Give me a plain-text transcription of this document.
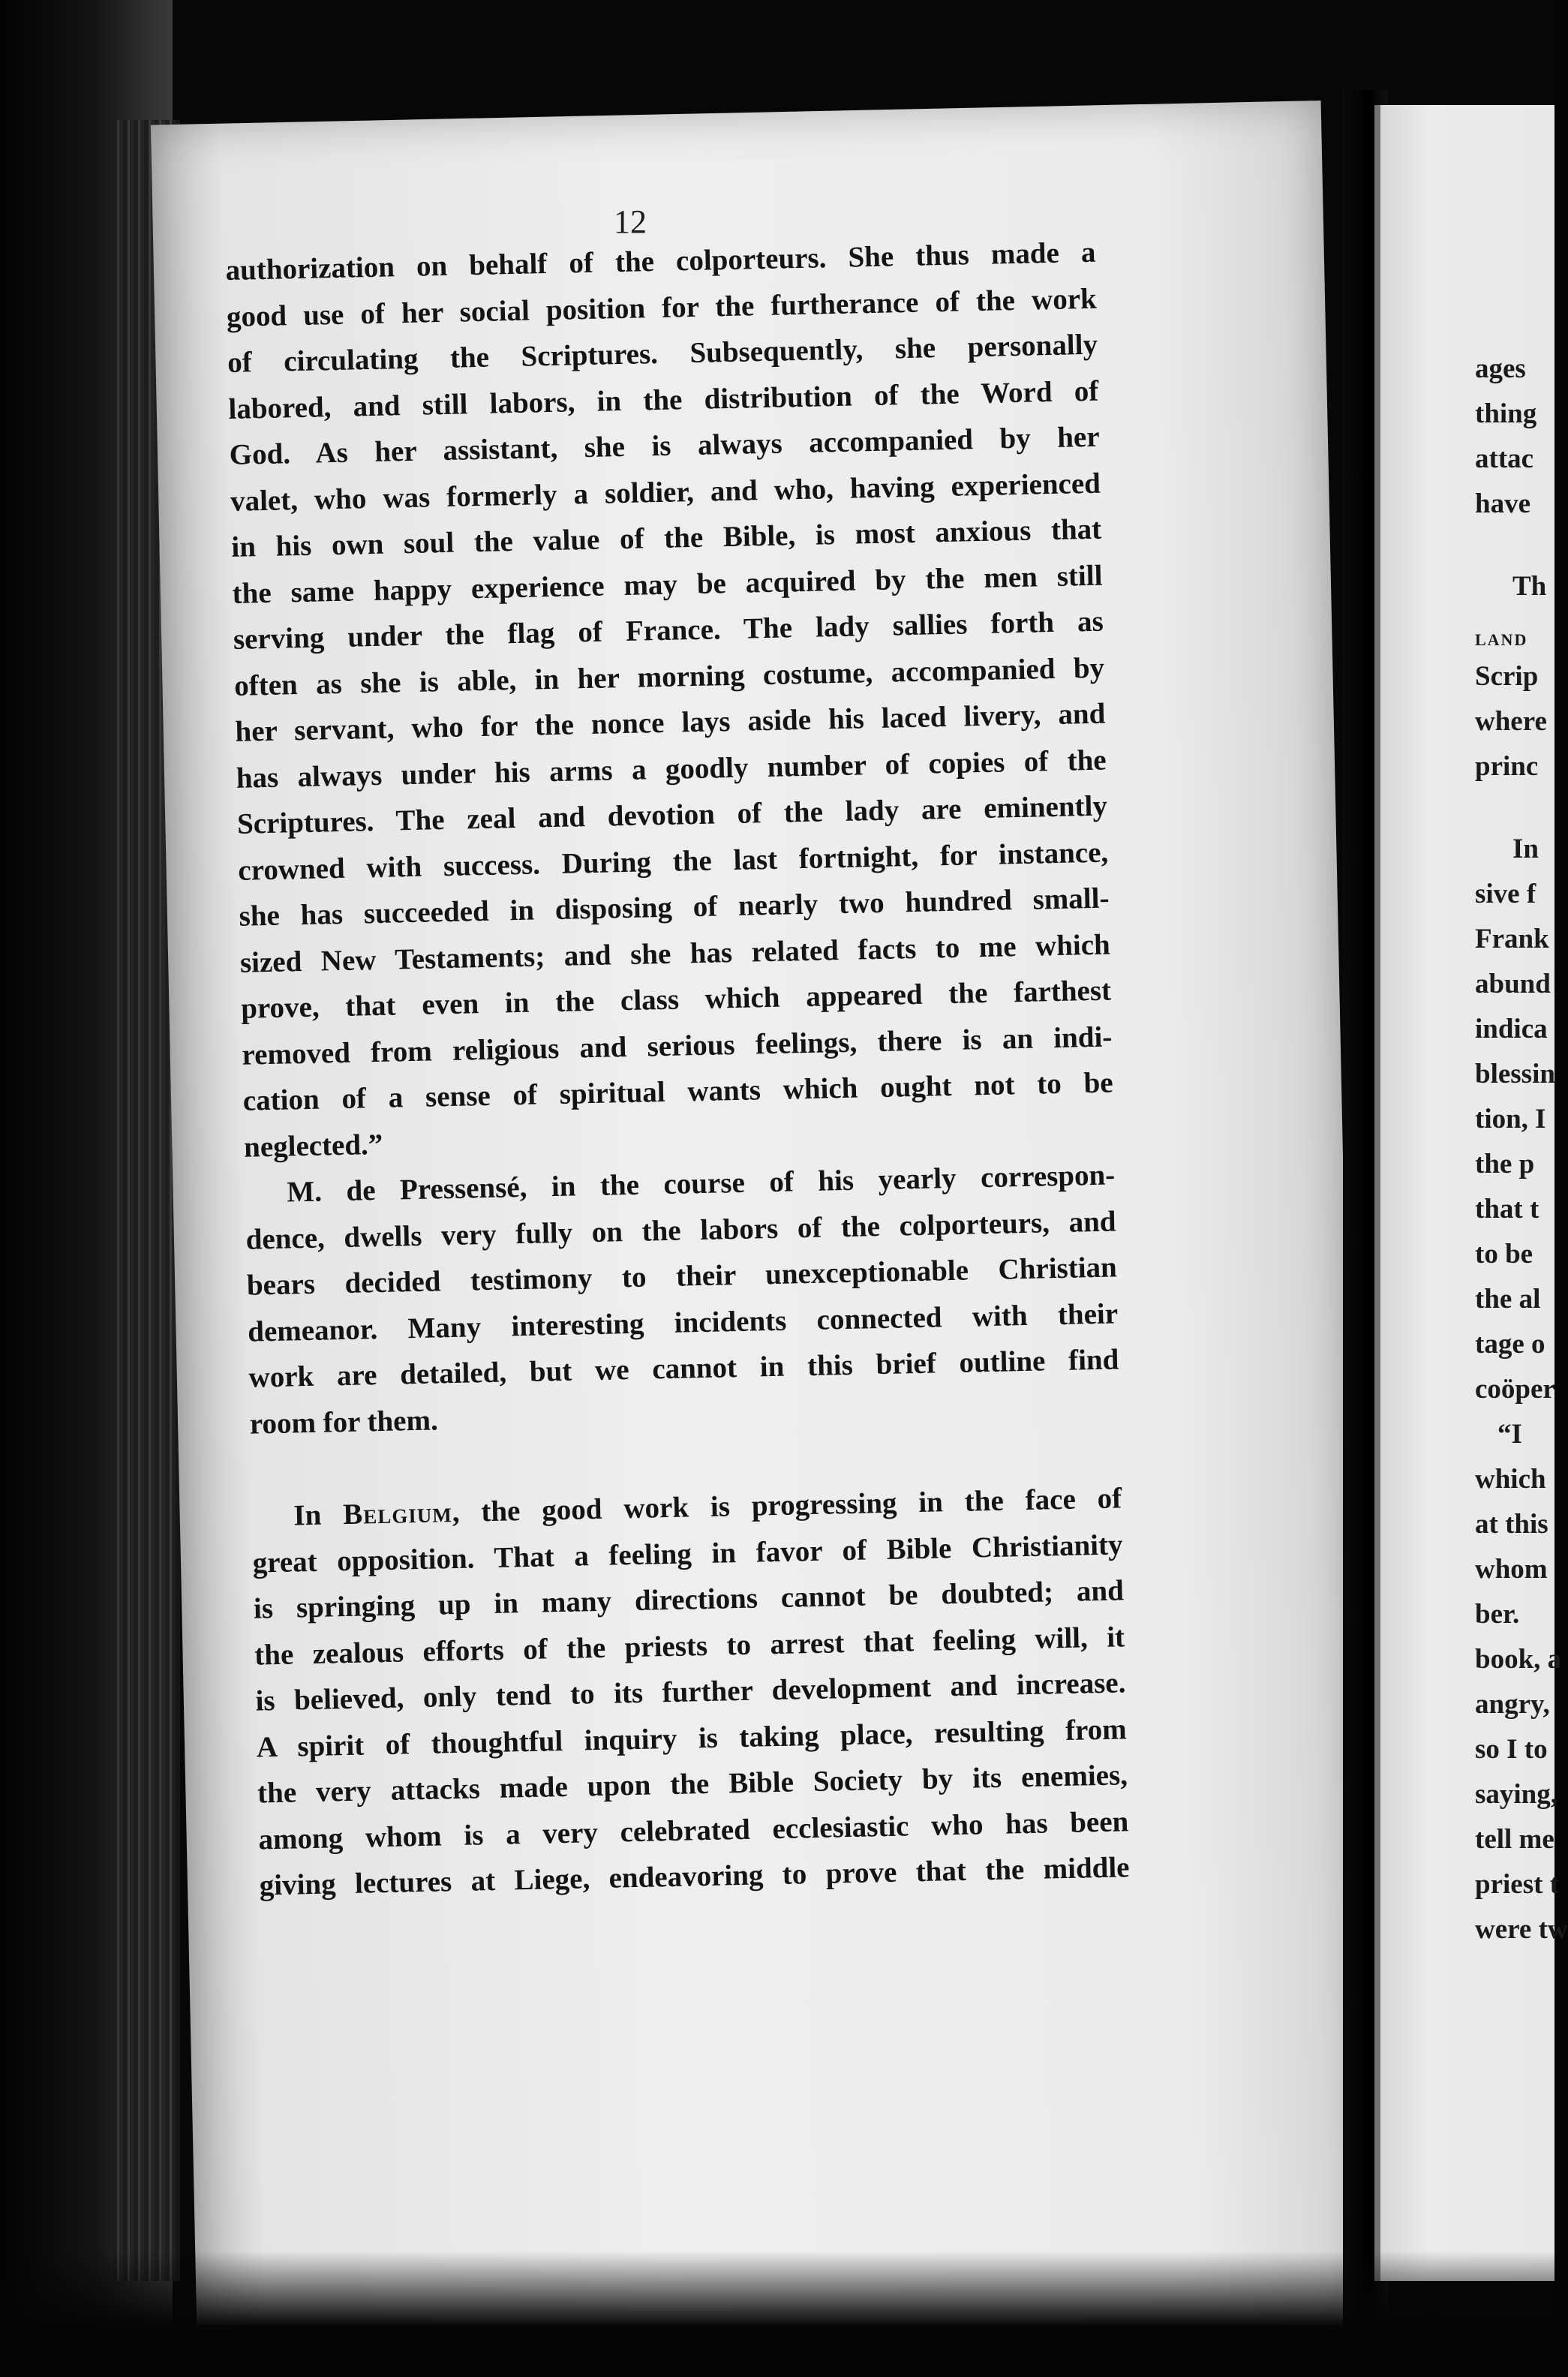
12
authorization on behalf of the colporteurs. She thus made a
good use of her social position for the furtherance of the work
of circulating the Scriptures. Subsequently, she personally
labored, and still labors, in the distribution of the Word of
God. As her assistant, she is always accompanied by her
valet, who was formerly a soldier, and who, having experienced
in his own soul the value of the Bible, is most anxious that
the same happy experience may be acquired by the men still
serving under the flag of France. The lady sallies forth as
often as she is able, in her morning costume, accompanied by
her servant, who for the nonce lays aside his laced livery, and
has always under his arms a goodly number of copies of the
Scriptures. The zeal and devotion of the lady are eminently
crowned with success. During the last fortnight, for instance,
she has succeeded in disposing of nearly two hundred small-
sized New Testaments; and she has related facts to me which
prove, that even in the class which appeared the farthest
removed from religious and serious feelings, there is an indi-
cation of a sense of spiritual wants which ought not to be
neglected.”
M. de Pressensé, in the course of his yearly correspon-
dence, dwells very fully on the labors of the colporteurs, and
bears decided testimony to their unexceptionable Christian
demeanor. Many interesting incidents connected with their
work are detailed, but we cannot in this brief outline find
room for them.
In Belgium, the good work is progressing in the face of
great opposition. That a feeling in favor of Bible Christianity
is springing up in many directions cannot be doubted; and
the zealous efforts of the priests to arrest that feeling will, it
is believed, only tend to its further development and increase.
A spirit of thoughtful inquiry is taking place, resulting from
the very attacks made upon the Bible Society by its enemies,
among whom is a very celebrated ecclesiastic who has been
giving lectures at Liege, endeavoring to prove that the middle
ages
thing
attac
have
Th
LAND
Scrip
where
princ
In
sive f
Frank
abund
indica
blessin
tion, I
the p
that t
to be
the al
tage o
coöper
“I
which
at this
whom
ber.
book, a
angry,
so I to
saying,
tell me
priest t
were tw
